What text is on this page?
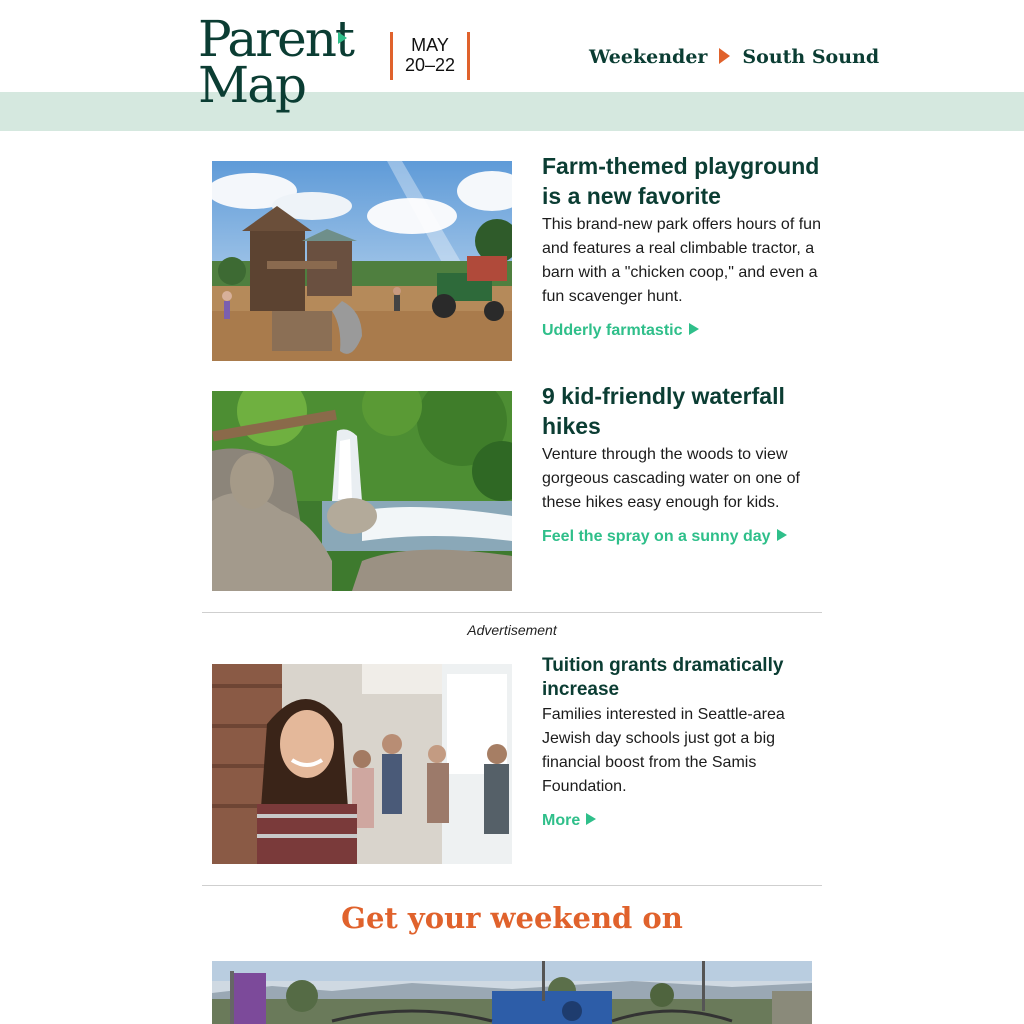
Parent
Map
MAY
20–22	Weekender South Sound
Farm-themed playground is a new favorite

This brand-new park offers hours of fun and features a real climbable tractor, a barn with a "chicken coop," and even a fun scavenger hunt.

Udderly farmtastic
9 kid-friendly waterfall hikes

Venture through the woods to view gorgeous cascading water on one of these hikes easy enough for kids.

Feel the spray on a sunny day
Advertisement
Tuition grants dramatically increase

Families interested in Seattle-area Jewish day schools just got a big financial boost from the Samis Foundation.

More
Get your weekend on
